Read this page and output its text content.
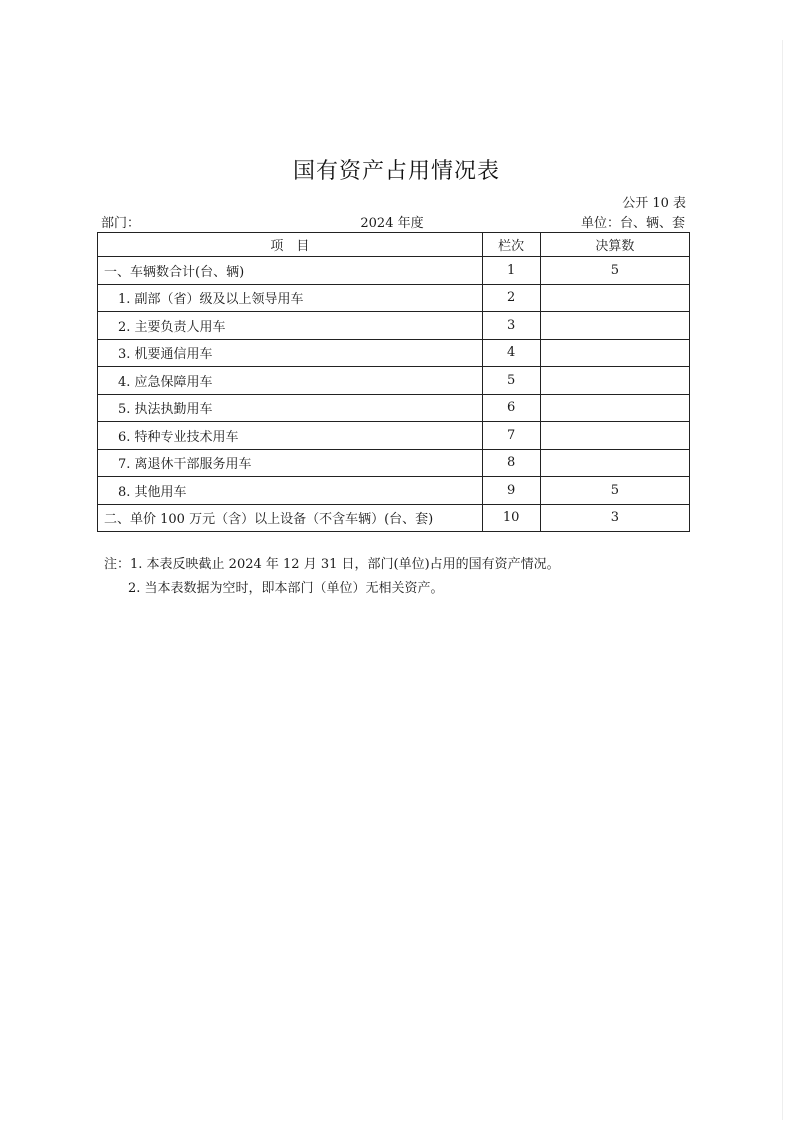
国有资产占用情况表
公开 10 表
部门：	2024 年度	单位：台、辆、套
项　目	栏次	决算数
一、车辆数合计(台、辆)	1	5
1. 副部（省）级及以上领导用车	2	
2. 主要负责人用车	3	
3. 机要通信用车	4	
4. 应急保障用车	5	
5. 执法执勤用车	6	
6. 特种专业技术用车	7	
7. 离退休干部服务用车	8	
8. 其他用车	9	5
二、单价 100 万元（含）以上设备（不含车辆）(台、套)	10	3
注：1. 本表反映截止 2024 年 12 月 31 日，部门(单位)占用的国有资产情况。
2. 当本表数据为空时，即本部门（单位）无相关资产。
